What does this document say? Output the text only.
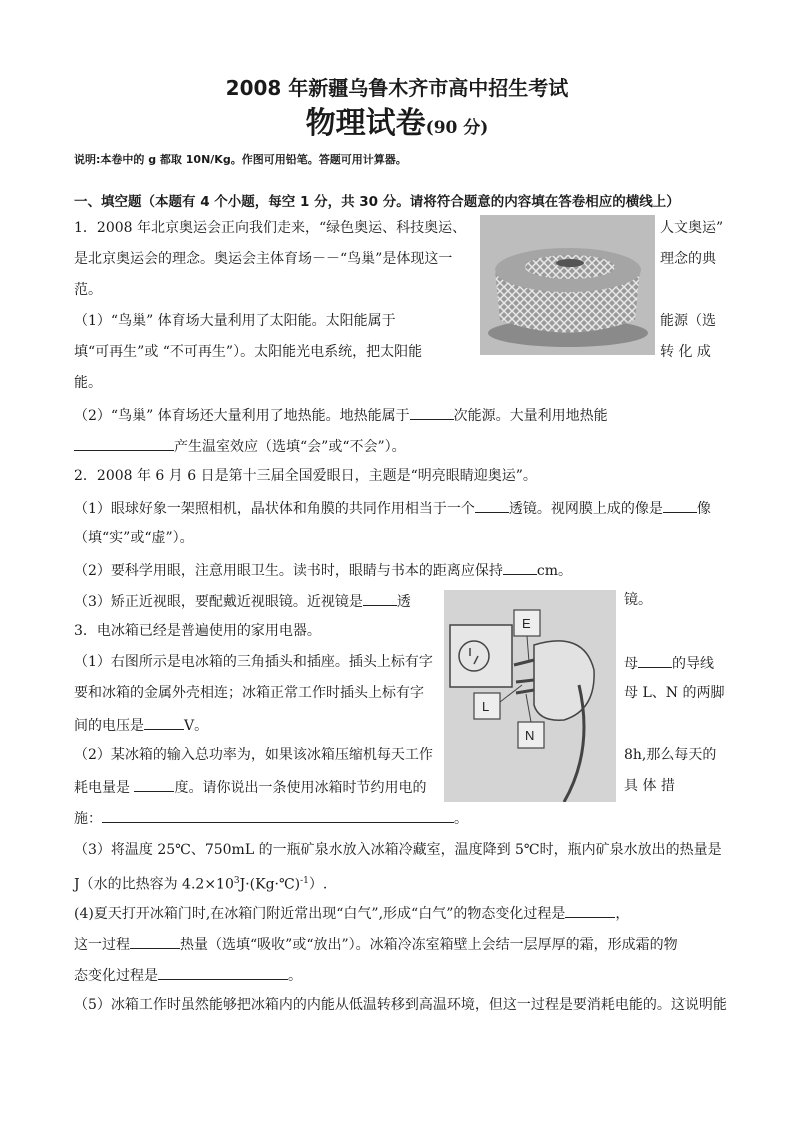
2008 年新疆乌鲁木齐市高中招生考试
物理试卷(90 分)
说明:本卷中的 g 都取 10N/Kg。作图可用铅笔。答题可用计算器。
一、填空题（本题有 4 个小题，每空 1 分，共 30 分。请将符合题意的内容填在答卷相应的横线上）
1．2008 年北京奥运会正向我们走来，“绿色奥运、科技奥运、	人文奥运”
是北京奥运会的理念。奥运会主体育场－－“鸟巢”是体现这一	理念的典
范。
（1）“鸟巢” 体育场大量利用了太阳能。太阳能属于	能源（选
填“可再生”或 “不可再生”）。太阳能光电系统，把太阳能	转 化 成
能。
（2）“鸟巢” 体育场还大量利用了地热能。地热能属于	次能源。大量利用地热能
产生温室效应（选填“会”或“不会”）。
2．2008 年 6 月 6 日是第十三届全国爱眼日，主题是“明亮眼睛迎奥运”。
（1）眼球好象一架照相机，晶状体和角膜的共同作用相当于一个 透镜。视网膜上成的像是 像
（填“实”或“虚”）。
（2）要科学用眼，注意用眼卫生。读书时，眼睛与书本的距离应保持 cm。
（3）矫正近视眼，要配戴近视眼镜。近视镜是 透	镜。
E
L
N
3．电冰箱已经是普遍使用的家用电器。
（1）右图所示是电冰箱的三角插头和插座。插头上标有字	母 的导线
要和冰箱的金属外壳相连；冰箱正常工作时插头上标有字	母 L、N 的两脚
间的电压是	V。
（2）某冰箱的输入总功率为，如果该冰箱压缩机每天工作	8h,那么每天的
耗电量是	度。请你说出一条使用冰箱时节约用电的	具 体 措
施：	。
（3）将温度 25℃、750mL 的一瓶矿泉水放入冰箱冷藏室，温度降到 5℃时，瓶内矿泉水放出的热量是
J（水的比热容为 $4.2\times 10^3J\cdot(Kg\cdot℃)^{-1}$）.
(4)夏天打开冰箱门时,在冰箱门附近常出现“白气”,形成“白气”的物态变化过程是	，
这一过程	热量（选填“吸收”或“放出”）。冰箱冷冻室箱壁上会结一层厚厚的霜，形成霜的物
态变化过程是	。
（5）冰箱工作时虽然能够把冰箱内的内能从低温转移到高温环境，但这一过程是要消耗电能的。这说明能
